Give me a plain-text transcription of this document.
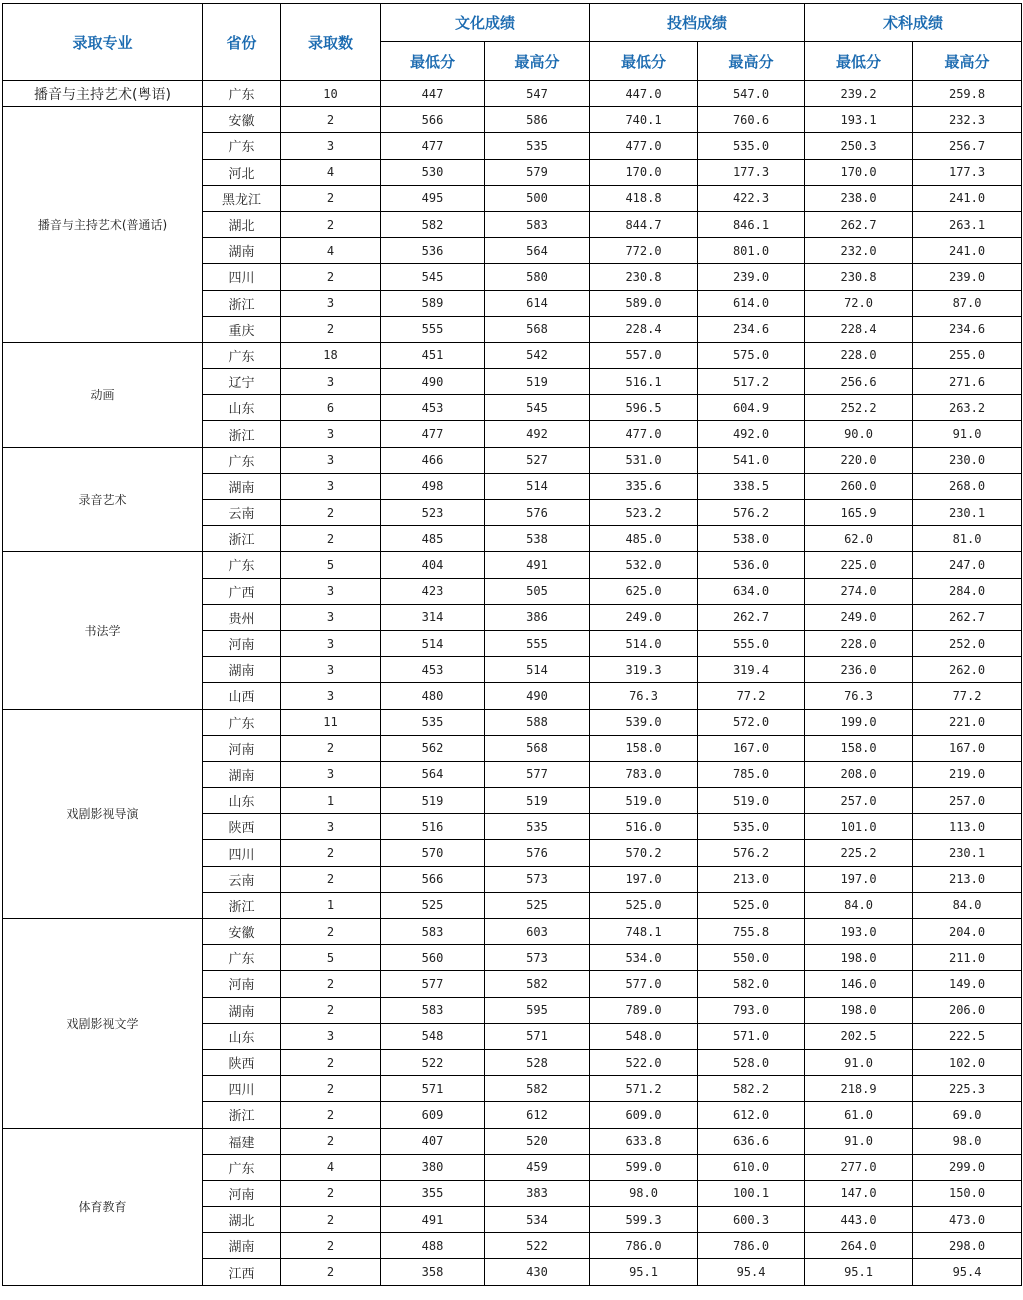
录取专业	省份	录取数	文化成绩		投档成绩		术科成绩	
			最低分	最高分	最低分	最高分	最低分	最高分
播音与主持艺术(粤语)	广东	10	447	547	447.0	547.0	239.2	259.8
播音与主持艺术(普通话)	安徽	2	566	586	740.1	760.6	193.1	232.3
	广东	3	477	535	477.0	535.0	250.3	256.7
	河北	4	530	579	170.0	177.3	170.0	177.3
	黑龙江	2	495	500	418.8	422.3	238.0	241.0
	湖北	2	582	583	844.7	846.1	262.7	263.1
	湖南	4	536	564	772.0	801.0	232.0	241.0
	四川	2	545	580	230.8	239.0	230.8	239.0
	浙江	3	589	614	589.0	614.0	72.0	87.0
	重庆	2	555	568	228.4	234.6	228.4	234.6
动画	广东	18	451	542	557.0	575.0	228.0	255.0
	辽宁	3	490	519	516.1	517.2	256.6	271.6
	山东	6	453	545	596.5	604.9	252.2	263.2
	浙江	3	477	492	477.0	492.0	90.0	91.0
录音艺术	广东	3	466	527	531.0	541.0	220.0	230.0
	湖南	3	498	514	335.6	338.5	260.0	268.0
	云南	2	523	576	523.2	576.2	165.9	230.1
	浙江	2	485	538	485.0	538.0	62.0	81.0
书法学	广东	5	404	491	532.0	536.0	225.0	247.0
	广西	3	423	505	625.0	634.0	274.0	284.0
	贵州	3	314	386	249.0	262.7	249.0	262.7
	河南	3	514	555	514.0	555.0	228.0	252.0
	湖南	3	453	514	319.3	319.4	236.0	262.0
	山西	3	480	490	76.3	77.2	76.3	77.2
戏剧影视导演	广东	11	535	588	539.0	572.0	199.0	221.0
	河南	2	562	568	158.0	167.0	158.0	167.0
	湖南	3	564	577	783.0	785.0	208.0	219.0
	山东	1	519	519	519.0	519.0	257.0	257.0
	陕西	3	516	535	516.0	535.0	101.0	113.0
	四川	2	570	576	570.2	576.2	225.2	230.1
	云南	2	566	573	197.0	213.0	197.0	213.0
	浙江	1	525	525	525.0	525.0	84.0	84.0
戏剧影视文学	安徽	2	583	603	748.1	755.8	193.0	204.0
	广东	5	560	573	534.0	550.0	198.0	211.0
	河南	2	577	582	577.0	582.0	146.0	149.0
	湖南	2	583	595	789.0	793.0	198.0	206.0
	山东	3	548	571	548.0	571.0	202.5	222.5
	陕西	2	522	528	522.0	528.0	91.0	102.0
	四川	2	571	582	571.2	582.2	218.9	225.3
	浙江	2	609	612	609.0	612.0	61.0	69.0
体育教育	福建	2	407	520	633.8	636.6	91.0	98.0
	广东	4	380	459	599.0	610.0	277.0	299.0
	河南	2	355	383	98.0	100.1	147.0	150.0
	湖北	2	491	534	599.3	600.3	443.0	473.0
	湖南	2	488	522	786.0	786.0	264.0	298.0
	江西	2	358	430	95.1	95.4	95.1	95.4
